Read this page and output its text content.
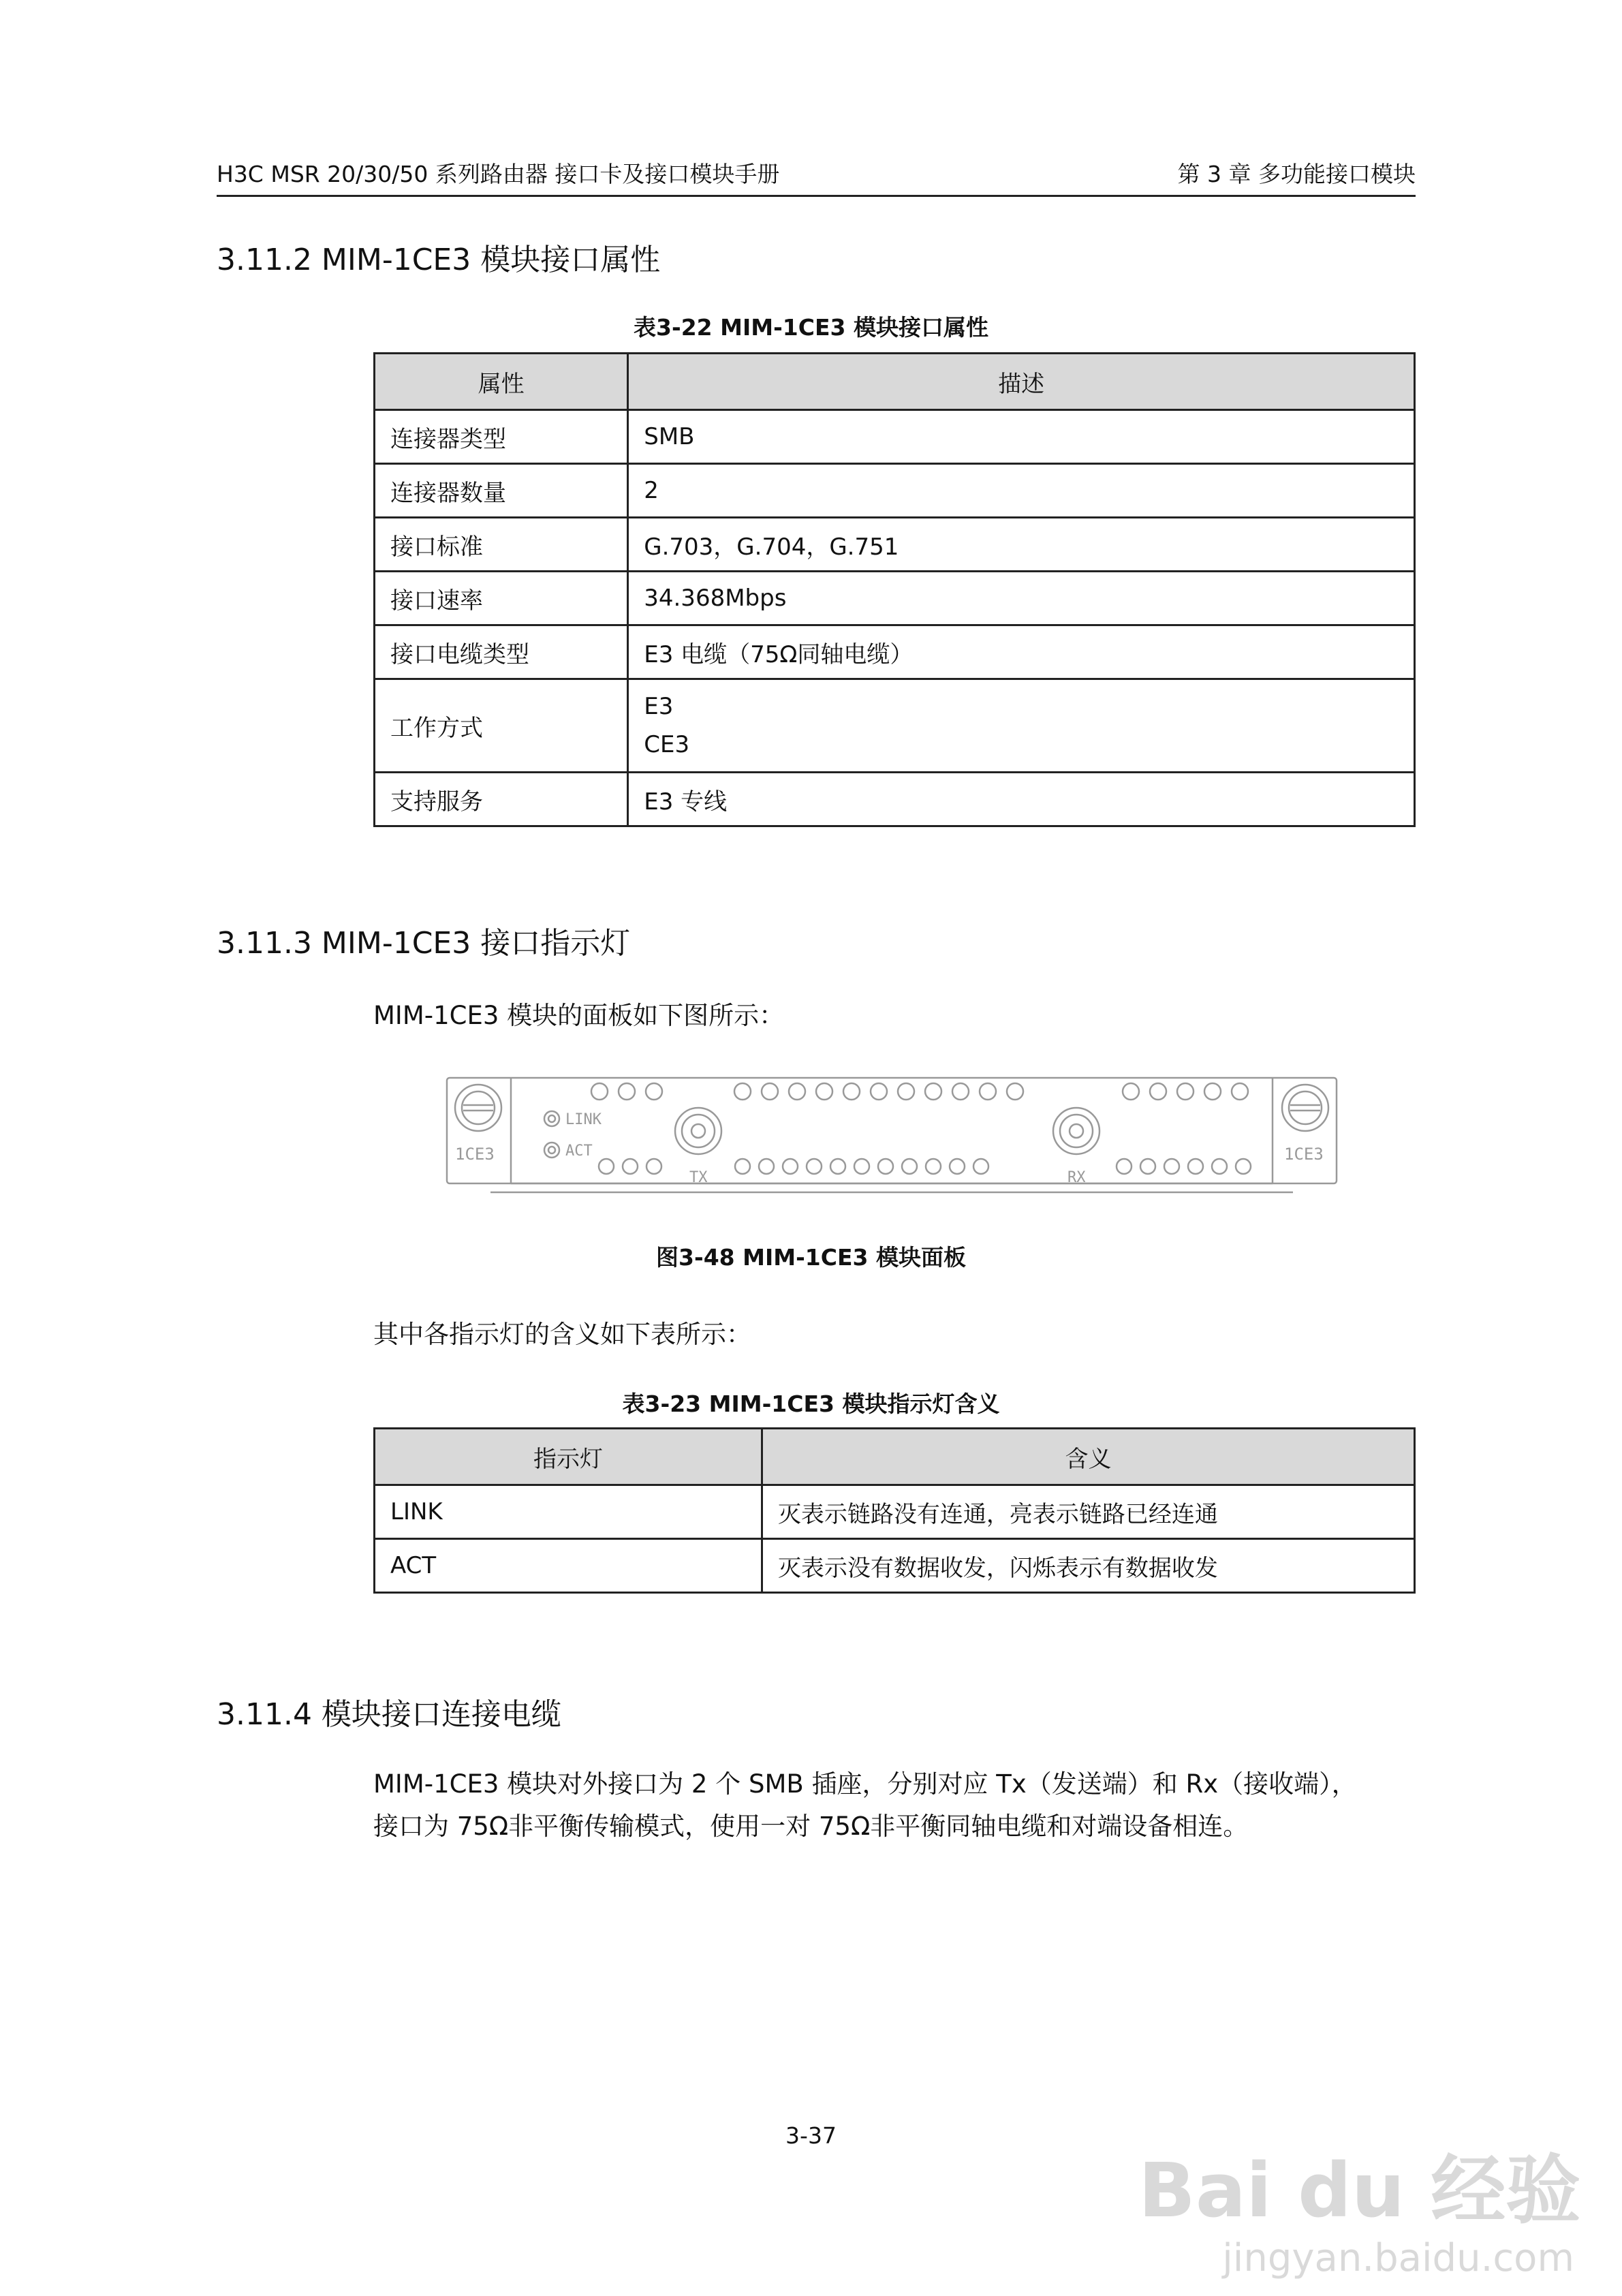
H3C MSR 20/30/50 系列路由器 接口卡及接口模块手册	第 3 章 多功能接口模块
3.11.2 MIM-1CE3 模块接口属性
表3-22 MIM-1CE3 模块接口属性
属性	描述
连接器类型	SMB
连接器数量	2
接口标准	G.703，G.704，G.751
接口速率	34.368Mbps
接口电缆类型	E3 电缆（75Ω同轴电缆）
工作方式	E3
CE3

支持服务	E3 专线
3.11.3 MIM-1CE3 接口指示灯
MIM-1CE3 模块的面板如下图所示：
1CE3	1CE3
LINK
ACT
TX	RX
图3-48 MIM-1CE3 模块面板
其中各指示灯的含义如下表所示：
表3-23 MIM-1CE3 模块指示灯含义
指示灯	含义
LINK	灭表示链路没有连通，亮表示链路已经连通
ACT	灭表示没有数据收发，闪烁表示有数据收发
3.11.4 模块接口连接电缆
MIM-1CE3 模块对外接口为 2 个 SMB 插座，分别对应 Tx（发送端）和 Rx（接收端），
接口为 75Ω非平衡传输模式，使用一对 75Ω非平衡同轴电缆和对端设备相连。
3-37
Bai du 经验
jingyan.baidu.com
